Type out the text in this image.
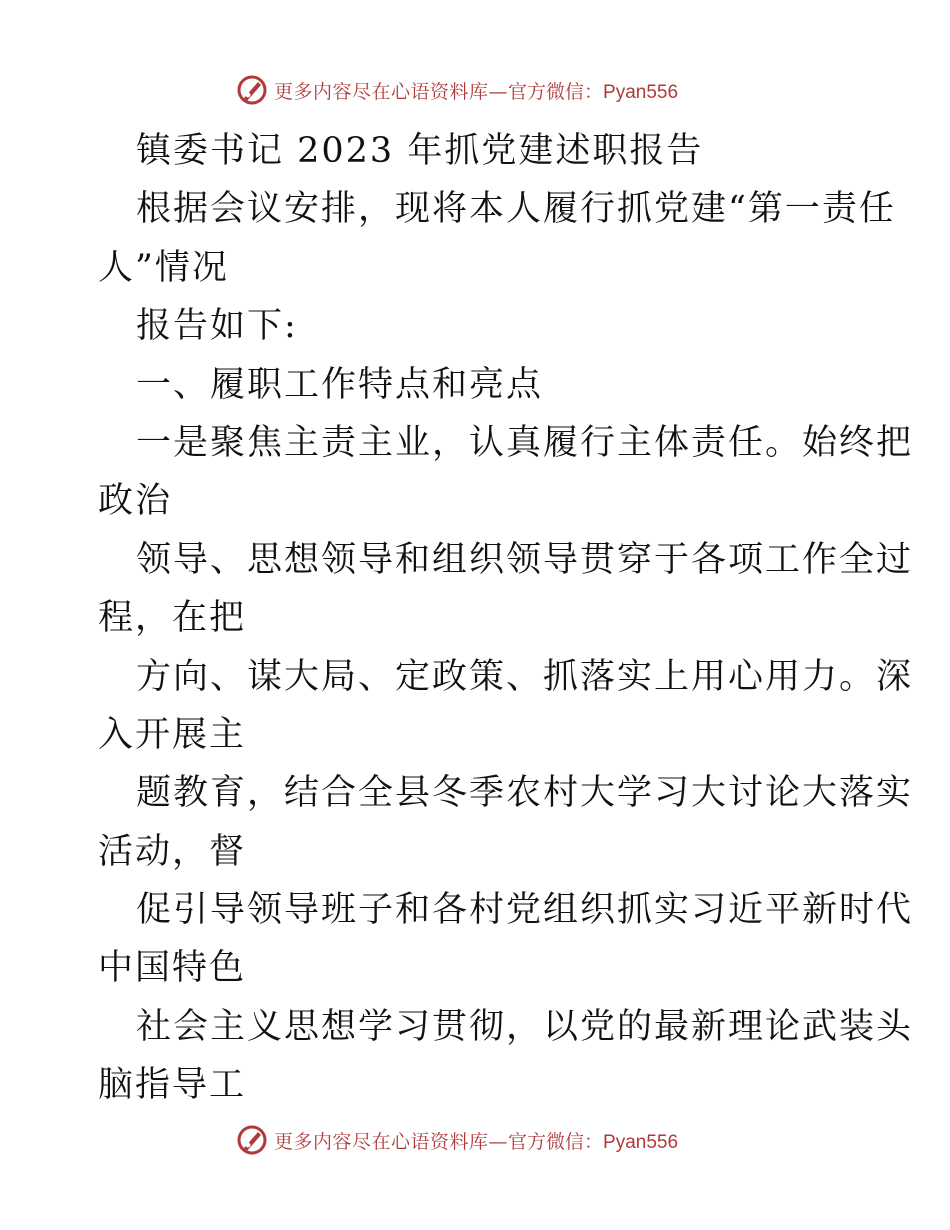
更多内容尽在心语资料库— 官方微信：Pyan556
镇委书记 2023 年抓党建述职报告
根据会议安排，现将本人履行抓党建“第一责任
人”情况
报告如下:
一、履职工作特点和亮点
一是聚焦主责主业，认真履行主体责任。始终把
政治
领导、思想领导和组织领导贯穿于各项工作全过
程，在把
方向、谋大局、定政策、抓落实上用心用力。深
入开展主
题教育，结合全县冬季农村大学习大讨论大落实
活动，督
促引导领导班子和各村党组织抓实习近平新时代
中国特色
社会主义思想学习贯彻，以党的最新理论武装头
脑指导工
更多内容尽在心语资料库— 官方微信：Pyan556
